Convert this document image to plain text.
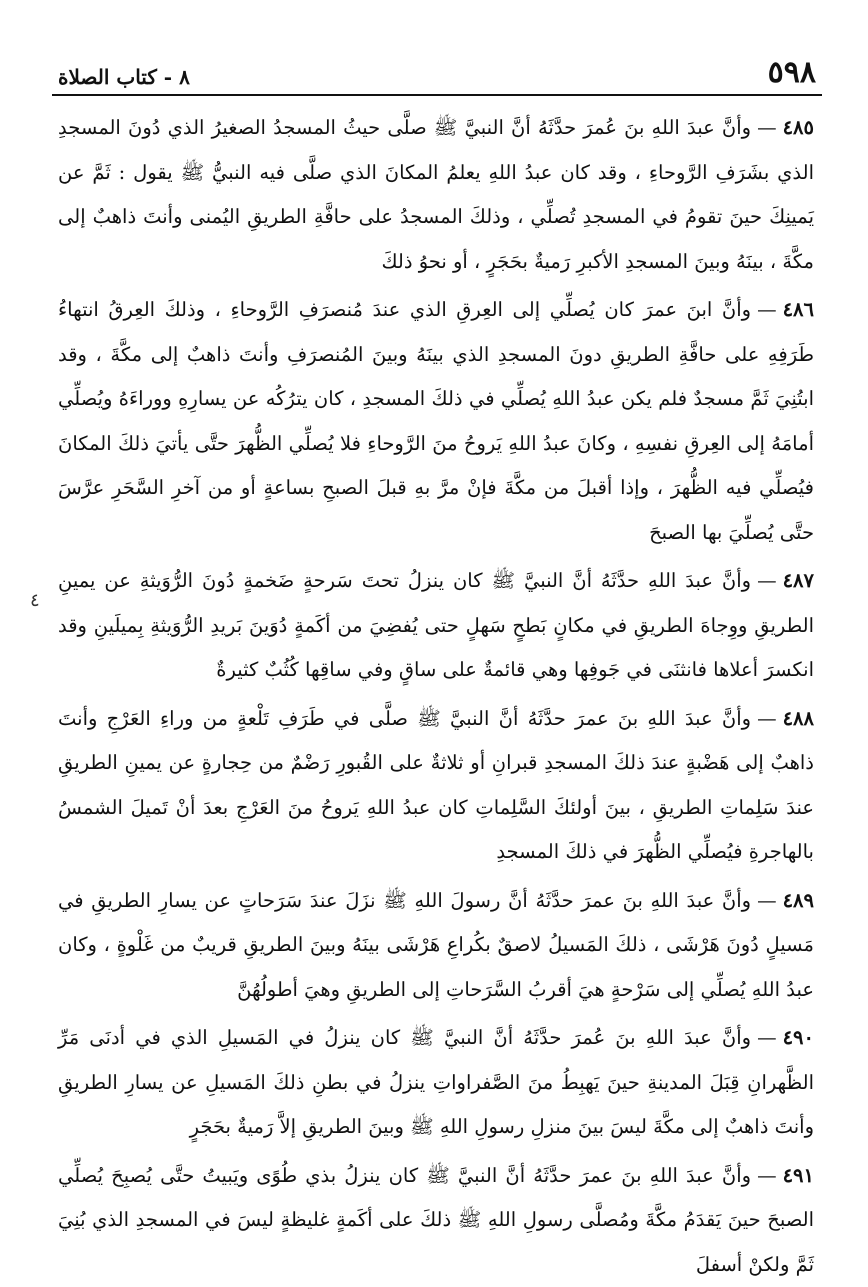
٥٩٨
٨ - كتاب الصلاة
٤

٤٨٥—وأنَّ عبدَ اللهِ بنَ عُمرَ حدَّثَهُ أنَّ النبيَّ ﷺ صلَّى حيثُ المسجدُ الصغيرُ الذي دُونَ المسجدِ الذي بشَرَفِ الرَّوحاءِ ، وقد كان عبدُ اللهِ يعلمُ المكانَ الذي صلَّى فيه النبيُّ ﷺ يقول : ثَمَّ عن يَمينِكَ حينَ تقومُ في المسجدِ تُصلِّي ، وذلكَ المسجدُ على حافَّةِ الطريقِ اليُمنى وأنتَ ذاهبٌ إلى مكَّةَ ، بينَهُ وبينَ المسجدِ الأكبرِ رَميةٌ بحَجَرٍ ، أو نحوُ ذلكَ

٤٨٦—وأنَّ ابنَ عمرَ كان يُصلِّي إلى العِرقِ الذي عندَ مُنصرَفِ الرَّوحاءِ ، وذلكَ العِرقُ انتهاءُ طَرَفِهِ على حافَّةِ الطريقِ دونَ المسجدِ الذي بينَهُ وبينَ المُنصرَفِ وأنتَ ذاهبٌ إلى مكَّةَ ، وقد ابتُنِيَ ثَمَّ مسجدٌ فلم يكن عبدُ اللهِ يُصلِّي في ذلكَ المسجدِ ، كان يترُكُه عن يسارِهِ ووراءَهُ ويُصلِّي أمامَهُ إلى العِرقِ نفسِهِ ، وكانَ عبدُ اللهِ يَروحُ منَ الرَّوحاءِ فلا يُصلِّي الظُّهرَ حتَّى يأتيَ ذلكَ المكانَ فيُصلِّي فيه الظُّهرَ ، وإذا أقبلَ من مكَّةَ فإنْ مرَّ بهِ قبلَ الصبحِ بساعةٍ أو من آخرِ السَّحَرِ عرَّسَ حتَّى يُصلِّيَ بها الصبحَ

٤٨٧—وأنَّ عبدَ اللهِ حدَّثَهُ أنَّ النبيَّ ﷺ كان ينزلُ تحتَ سَرحةٍ ضَخمةٍ دُونَ الرُّوَيثةِ عن يمينِ الطريقِ ووِجاهَ الطريقِ في مكانٍ بَطحٍ سَهلٍ حتى يُفضِيَ من أكَمةٍ دُوَينَ بَريدِ الرُّوَيثةِ بِميلَينِ وقد انكسرَ أعلاها فانثنَى في جَوفِها وهي قائمةٌ على ساقٍ وفي ساقِها كُثُبٌ كثيرةٌ

٤٨٨—وأنَّ عبدَ اللهِ بنَ عمرَ حدَّثَهُ أنَّ النبيَّ ﷺ صلَّى في طَرَفِ تَلْعةٍ من وراءِ العَرْجِ وأنتَ ذاهبٌ إلى هَضْبةٍ عندَ ذلكَ المسجدِ قبرانِ أو ثلاثةٌ على القُبورِ رَضْمٌ من حِجارةٍ عن يمينِ الطريقِ عندَ سَلِماتِ الطريقِ ، بينَ أولئكَ السَّلِماتِ كان عبدُ اللهِ يَروحُ منَ العَرْجِ بعدَ أنْ تَميلَ الشمسُ بالهاجرةِ فيُصلِّي الظُّهرَ في ذلكَ المسجدِ

٤٨٩—وأنَّ عبدَ اللهِ بنَ عمرَ حدَّثَهُ أنَّ رسولَ اللهِ ﷺ نزَلَ عندَ سَرَحاتٍ عن يسارِ الطريقِ في مَسيلٍ دُونَ هَرْشَى ، ذلكَ المَسيلُ لاصقٌ بكُراعِ هَرْشَى بينَهُ وبينَ الطريقِ قريبٌ من غَلْوةٍ ، وكان عبدُ اللهِ يُصلِّي إلى سَرْحةٍ هيَ أقربُ السَّرَحاتِ إلى الطريقِ وهيَ أطولُهُنَّ

٤٩٠—وأنَّ عبدَ اللهِ بنَ عُمرَ حدَّثَهُ أنَّ النبيَّ ﷺ كان ينزلُ في المَسيلِ الذي في أدنَى مَرِّ الظَّهرانِ قِبَلَ المدينةِ حينَ يَهبِطُ منَ الصَّفراواتِ ينزلُ في بطنِ ذلكَ المَسيلِ عن يسارِ الطريقِ وأنتَ ذاهبٌ إلى مكَّةَ ليسَ بينَ منزلِ رسولِ اللهِ ﷺ وبينَ الطريقِ إلاَّ رَميةٌ بحَجَرٍ

٤٩١—وأنَّ عبدَ اللهِ بنَ عمرَ حدَّثَهُ أنَّ النبيَّ ﷺ كان ينزلُ بذي طُوًى ويَبيتُ حتَّى يُصبِحَ يُصلِّي الصبحَ حينَ يَقدَمُ مكَّةَ ومُصلَّى رسولِ اللهِ ﷺ ذلكَ على أكَمةٍ غليظةٍ ليسَ في المسجدِ الذي بُنِيَ ثَمَّ ولكنْ أسفلَ
